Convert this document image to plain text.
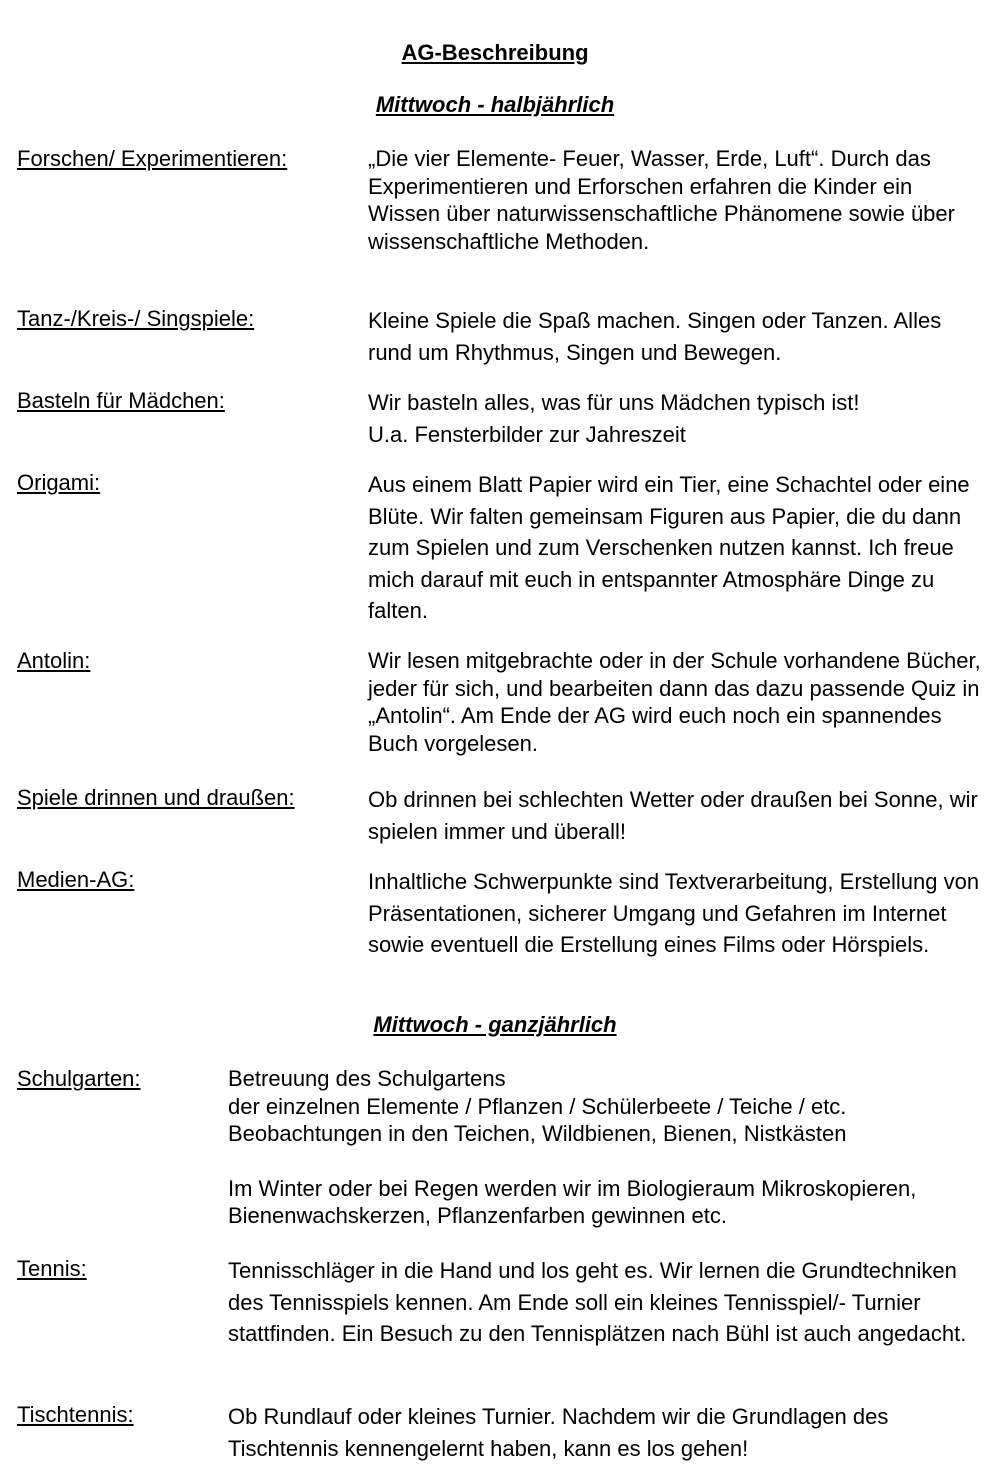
AG-Beschreibung
Mittwoch - halbjährlich
Forschen/ Experimentieren:	„Die vier Elemente- Feuer, Wasser, Erde, Luft“. Durch das Experimentieren und Erforschen erfahren die Kinder ein Wissen über naturwissenschaftliche Phänomene sowie über wissenschaftliche Methoden.

Tanz-/Kreis-/ Singspiele:	Kleine Spiele die Spaß machen. Singen oder Tanzen. Alles rund um Rhythmus, Singen und Bewegen.

Basteln für Mädchen:	Wir basteln alles, was für uns Mädchen typisch ist!

U.a. Fensterbilder zur Jahreszeit

Origami:	Aus einem Blatt Papier wird ein Tier, eine Schachtel oder eine Blüte. Wir falten gemeinsam Figuren aus Papier, die du dann zum Spielen und zum Verschenken nutzen kannst. Ich freue mich darauf mit euch in entspannter Atmosphäre Dinge zu falten.

Antolin:	Wir lesen mitgebrachte oder in der Schule vorhandene Bücher, jeder für sich, und bearbeiten dann das dazu passende Quiz in „Antolin“. Am Ende der AG wird euch noch ein spannendes Buch vorgelesen.

Spiele drinnen und draußen:	Ob drinnen bei schlechten Wetter oder draußen bei Sonne, wir spielen immer und überall!

Medien-AG:	Inhaltliche Schwerpunkte sind Textverarbeitung, Erstellung von Präsentationen, sicherer Umgang und Gefahren im Internet sowie eventuell die Erstellung eines Films oder Hörspiels.

Mittwoch - ganzjährlich
Schulgarten:	Betreuung des Schulgartens

der einzelnen Elemente / Pflanzen / Schülerbeete / Teiche / etc.

Beobachtungen in den Teichen, Wildbienen, Bienen, Nistkästen

Im Winter oder bei Regen werden wir im Biologieraum Mikroskopieren, Bienenwachskerzen, Pflanzenfarben gewinnen etc.

Tennis:	Tennisschläger in die Hand und los geht es. Wir lernen die Grundtechniken des Tennisspiels kennen. Am Ende soll ein kleines Tennisspiel/- Turnier stattfinden. Ein Besuch zu den Tennisplätzen nach Bühl ist auch angedacht.

Tischtennis:	Ob Rundlauf oder kleines Turnier. Nachdem wir die Grundlagen des Tischtennis kennengelernt haben, kann es los gehen!
